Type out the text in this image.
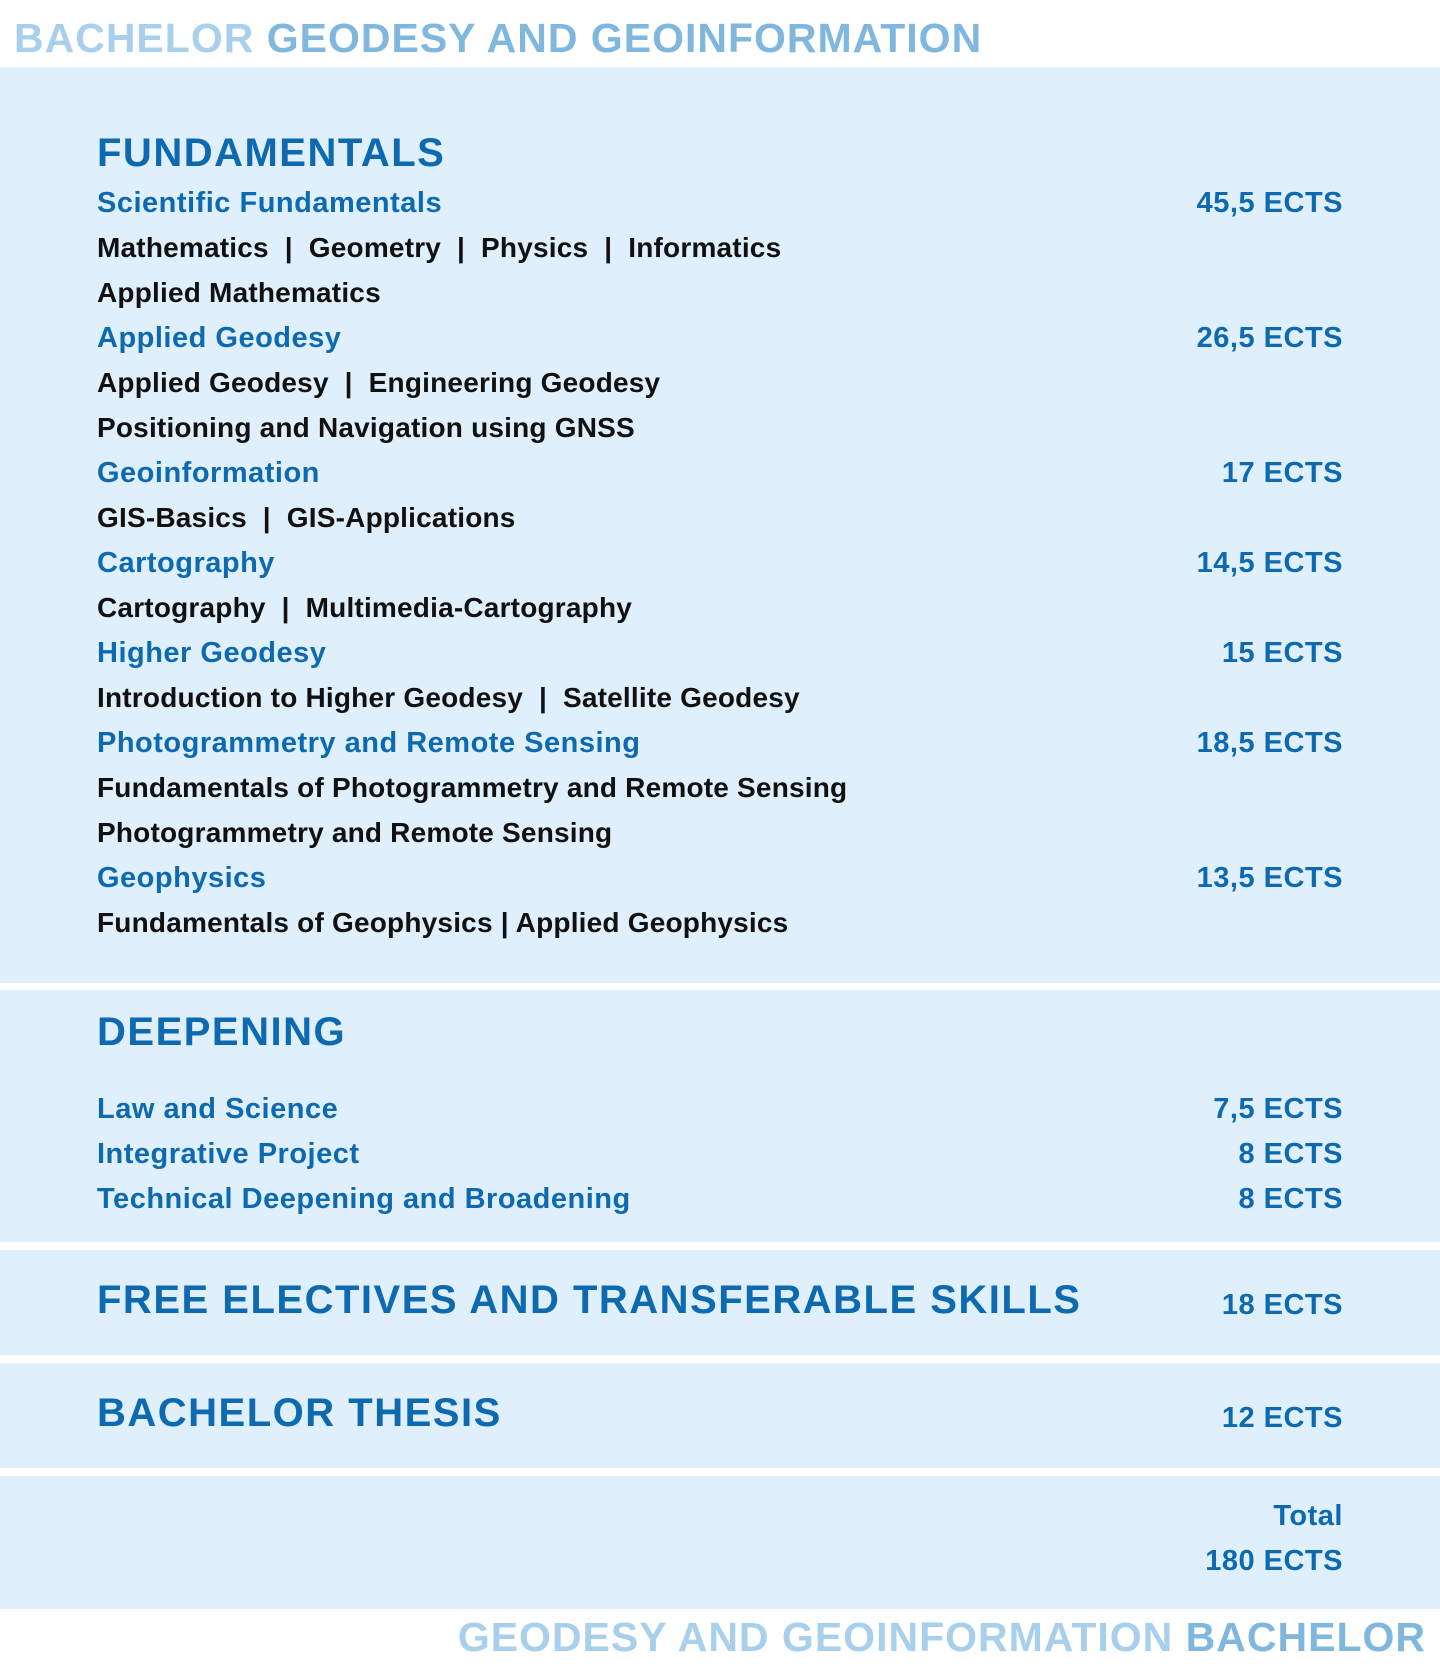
BACHELOR GEODESY AND GEOINFORMATION
FUNDAMENTALS
Scientific Fundamentals	45,5 ECTS
Mathematics  |  Geometry  |  Physics  |  Informatics
Applied Mathematics
Applied Geodesy	26,5 ECTS
Applied Geodesy  |  Engineering Geodesy
Positioning and Navigation using GNSS
Geoinformation	17 ECTS
GIS-Basics  |  GIS-Applications
Cartography	14,5 ECTS
Cartography  |  Multimedia-Cartography
Higher Geodesy	15 ECTS
Introduction to Higher Geodesy  |  Satellite Geodesy
Photogrammetry and Remote Sensing	18,5 ECTS
Fundamentals of Photogrammetry and Remote Sensing
Photogrammetry and Remote Sensing
Geophysics	13,5 ECTS
Fundamentals of Geophysics | Applied Geophysics
DEEPENING
Law and Science	7,5 ECTS
Integrative Project	8 ECTS
Technical Deepening and Broadening	8 ECTS
FREE ELECTIVES AND TRANSFERABLE SKILLS	18 ECTS
BACHELOR THESIS	12 ECTS
Total
180 ECTS
GEODESY AND GEOINFORMATION BACHELOR
